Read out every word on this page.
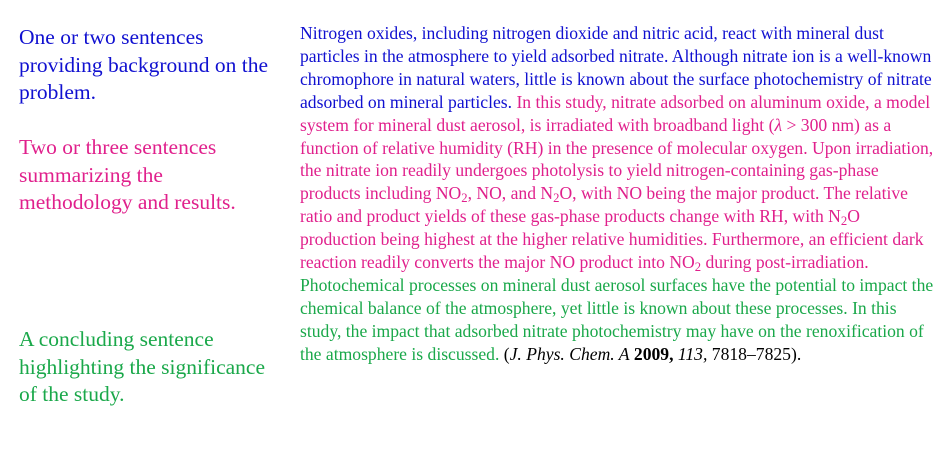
One or two sentences providing background on the problem.
Two or three sentences summarizing the methodology and results.
A concluding sentence highlighting the significance of the study.
Nitrogen oxides, including nitrogen dioxide and nitric acid, react with mineral dust particles in the atmosphere to yield adsorbed nitrate. Although nitrate ion is a well-known chromophore in natural waters, little is known about the surface photochemistry of nitrate adsorbed on mineral particles. In this study, nitrate adsorbed on aluminum oxide, a model system for mineral dust aerosol, is irradiated with broadband light (λ > 300 nm) as a function of relative humidity (RH) in the presence of molecular oxygen. Upon irradiation, the nitrate ion readily undergoes photolysis to yield nitrogen-containing gas-phase products including $NO_2$, NO, and $N_2O$, with NO being the major product. The relative ratio and product yields of these gas-phase products change with RH, with $N_2O$ production being highest at the higher relative humidities. Furthermore, an efficient dark reaction readily converts the major NO product into $NO_2$ during post-irradiation. Photochemical processes on mineral dust aerosol surfaces have the potential to impact the chemical balance of the atmosphere, yet little is known about these processes. In this study, the impact that adsorbed nitrate photochemistry may have on the renoxification of the atmosphere is discussed. (J. Phys. Chem. A 2009, 113, 7818–7825).
